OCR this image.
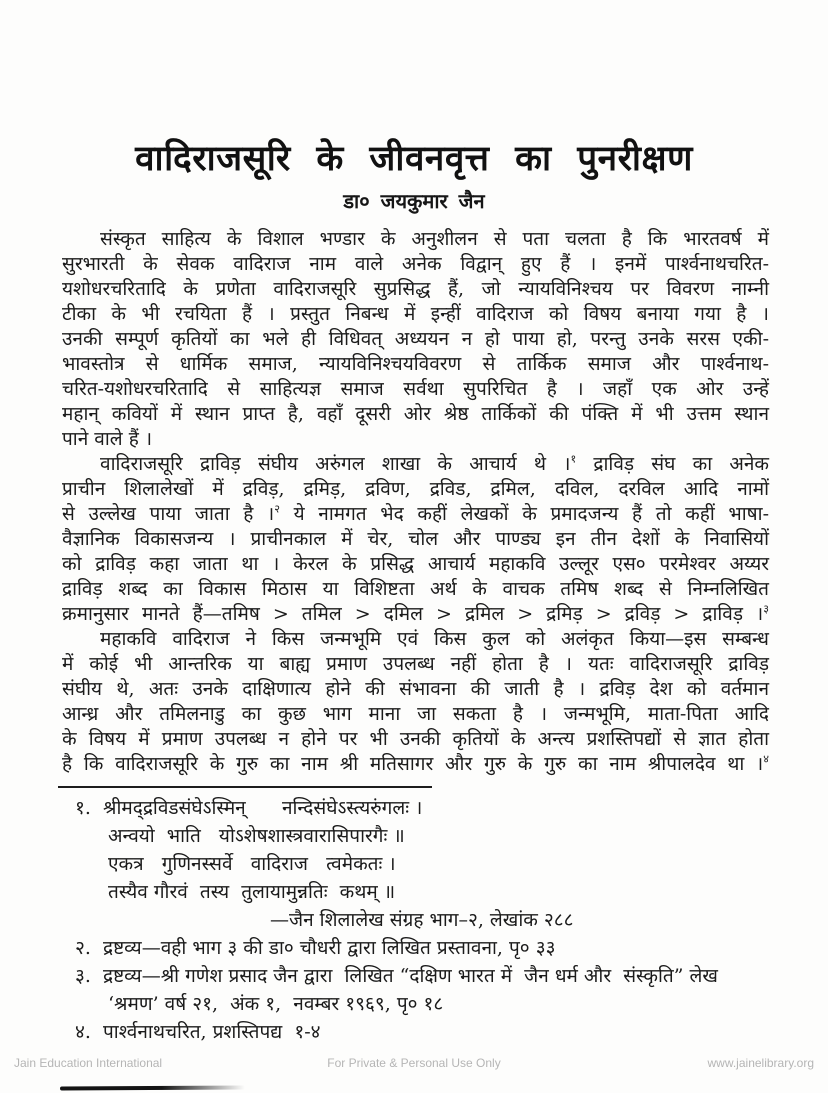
वादिराजसूरि के जीवनवृत्त का पुनरीक्षण
डा० जयकुमार जैन
संस्कृत साहित्य के विशाल भण्डार के अनुशीलन से पता चलता है कि भारतवर्ष में
सुरभारती के सेवक वादिराज नाम वाले अनेक विद्वान् हुए हैं । इनमें पार्श्वनाथचरित-
यशोधरचरितादि के प्रणेता वादिराजसूरि सुप्रसिद्ध हैं, जो न्यायविनिश्चय पर विवरण नाम्नी
टीका के भी रचयिता हैं । प्रस्तुत निबन्ध में इन्हीं वादिराज को विषय बनाया गया है ।
उनकी सम्पूर्ण कृतियों का भले ही विधिवत् अध्ययन न हो पाया हो, परन्तु उनके सरस एकी-
भावस्तोत्र से धार्मिक समाज, न्यायविनिश्चयविवरण से तार्किक समाज और पार्श्वनाथ-
चरित-यशोधरचरितादि से साहित्यज्ञ समाज सर्वथा सुपरिचित है । जहाँ एक ओर उन्हें
महान् कवियों में स्थान प्राप्त है, वहाँ दूसरी ओर श्रेष्ठ तार्किकों की पंक्ति में भी उत्तम स्थान
पाने वाले हैं ।
वादिराजसूरि द्राविड़ संघीय अरुंगल शाखा के आचार्य थे ।$^१$ द्राविड़ संघ का अनेक
प्राचीन शिलालेखों में द्रविड़, द्रमिड़, द्रविण, द्रविड, द्रमिल, दविल, दरविल आदि नामों
से उल्लेख पाया जाता है ।$^२$ ये नामगत भेद कहीं लेखकों के प्रमादजन्य हैं तो कहीं भाषा-
वैज्ञानिक विकासजन्य । प्राचीनकाल में चेर, चोल और पाण्ड्य इन तीन देशों के निवासियों
को द्राविड़ कहा जाता था । केरल के प्रसिद्ध आचार्य महाकवि उल्लूर एस० परमेश्वर अय्यर
द्राविड़ शब्द का विकास मिठास या विशिष्टता अर्थ के वाचक तमिष शब्द से निम्नलिखित
क्रमानुसार मानते हैं—तमिष > तमिल > दमिल > द्रमिल > द्रमिड़ > द्रविड़ > द्राविड़ ।$^३$
महाकवि वादिराज ने किस जन्मभूमि एवं किस कुल को अलंकृत किया—इस सम्बन्ध
में कोई भी आन्तरिक या बाह्य प्रमाण उपलब्ध नहीं होता है । यतः वादिराजसूरि द्राविड़
संघीय थे, अतः उनके दाक्षिणात्य होने की संभावना की जाती है । द्रविड़ देश को वर्तमान
आन्ध्र और तमिलनाडु का कुछ भाग माना जा सकता है । जन्मभूमि, माता-पिता आदि
के विषय में प्रमाण उपलब्ध न होने पर भी उनकी कृतियों के अन्त्य प्रशस्तिपद्यों से ज्ञात होता
है कि वादिराजसूरि के गुरु का नाम श्री मतिसागर और गुरु के गुरु का नाम श्रीपालदेव था ।$^४$
१.  श्रीमद्द्रविडसंघेऽस्मिन्      नन्दिसंघेऽस्त्यरुंगलः ।
अन्वयो  भाति   योऽशेषशास्त्रवारासिपारगैः ॥
एकत्र   गुणिनस्सर्वे   वादिराज   त्वमेकतः ।
तस्यैव गौरवं  तस्य  तुलायामुन्नतिः  कथम् ॥
—जैन शिलालेख संग्रह भाग–२, लेखांक २८८
२.  द्रष्टव्य—वही भाग ३ की डा० चौधरी द्वारा लिखित प्रस्तावना, पृ० ३३
३.  द्रष्टव्य—श्री गणेश प्रसाद जैन द्वारा  लिखित “दक्षिण भारत में  जैन धर्म और  संस्कृति” लेख
‘श्रमण’ वर्ष २१,  अंक १,  नवम्बर १९६९, पृ० १८
४.  पार्श्वनाथचरित, प्रशस्तिपद्य  १-४
Jain Education International	For Private & Personal Use Only	www.jainelibrary.org
